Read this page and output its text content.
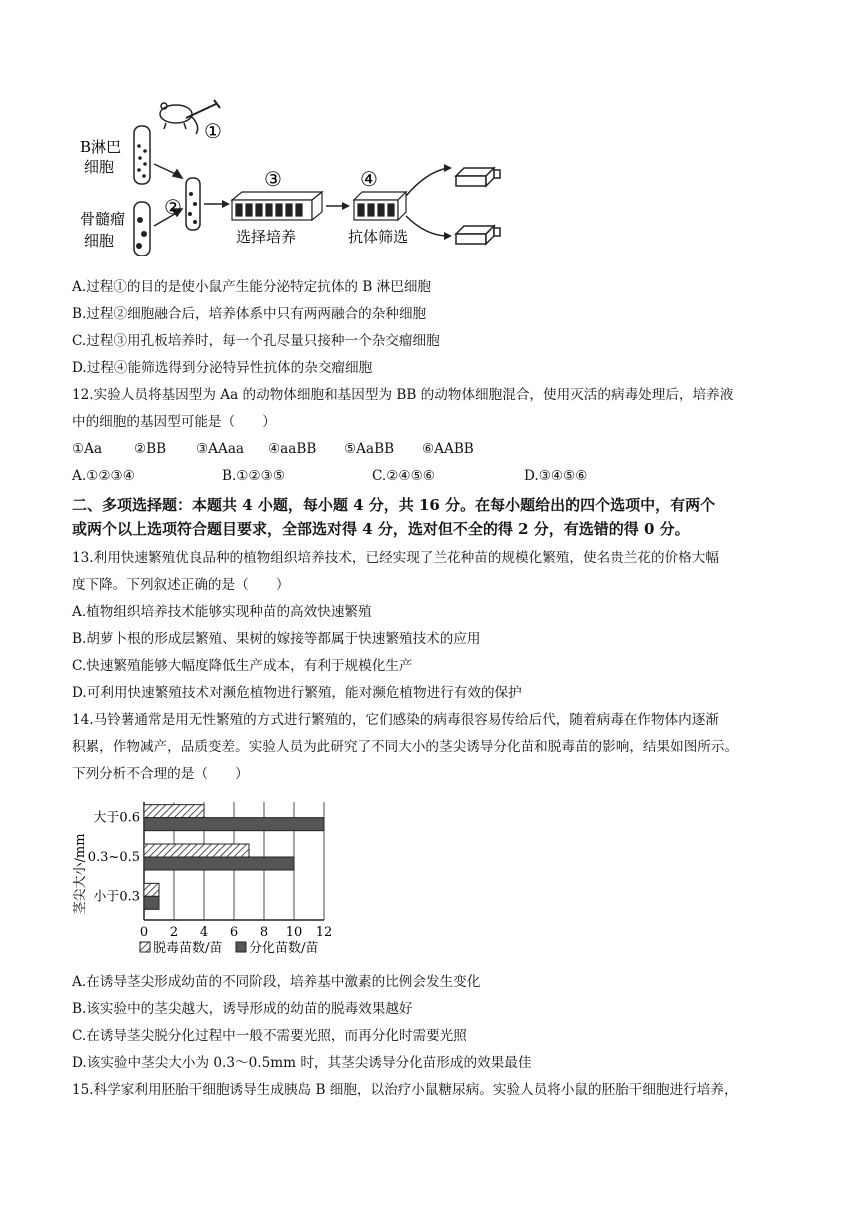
①
B淋巴
细胞
骨髓瘤
细胞
②
③
选择培养
④
抗体筛选
A.过程①的目的是使小鼠产生能分泌特定抗体的 B 淋巴细胞
B.过程②细胞融合后，培养体系中只有两两融合的杂种细胞
C.过程③用孔板培养时，每一个孔尽量只接种一个杂交瘤细胞
D.过程④能筛选得到分泌特异性抗体的杂交瘤细胞
12.实验人员将基因型为 Aa 的动物体细胞和基因型为 BB 的动物体细胞混合，使用灭活的病毒处理后，培养液
中的细胞的基因型可能是（　　）
①Aa ②BB ③AAaa ④aaBB ⑤AaBB ⑥AABB
A.①②③④	B.①②③⑤	C.②④⑤⑥	D.③④⑤⑥
二、多项选择题：本题共 4 小题，每小题 4 分，共 16 分。在每小题给出的四个选项中，有两个
或两个以上选项符合题目要求，全部选对得 4 分，选对但不全的得 2 分，有选错的得 0 分。
13.利用快速繁殖优良品种的植物组织培养技术，已经实现了兰花种苗的规模化繁殖，使名贵兰花的价格大幅
度下降。下列叙述正确的是（　　）
A.植物组织培养技术能够实现种苗的高效快速繁殖
B.胡萝卜根的形成层繁殖、果树的嫁接等都属于快速繁殖技术的应用
C.快速繁殖能够大幅度降低生产成本，有利于规模化生产
D.可利用快速繁殖技术对濒危植物进行繁殖，能对濒危植物进行有效的保护
14.马铃薯通常是用无性繁殖的方式进行繁殖的，它们感染的病毒很容易传给后代，随着病毒在作物体内逐渐
积累，作物减产，品质变差。实验人员为此研究了不同大小的茎尖诱导分化苗和脱毒苗的影响，结果如图所示。
下列分析不合理的是（　　）
0 2 4 6 8 10 12
大于0.6
0.3~0.5
小于0.3
脱毒苗数/苗 分化苗数/苗
茎尖大小/mm
A.在诱导茎尖形成幼苗的不同阶段，培养基中激素的比例会发生变化
B.该实验中的茎尖越大，诱导形成的幼苗的脱毒效果越好
C.在诱导茎尖脱分化过程中一般不需要光照，而再分化时需要光照
D.该实验中茎尖大小为 0.3～0.5mm 时，其茎尖诱导分化苗形成的效果最佳
15.科学家利用胚胎干细胞诱导生成胰岛 B 细胞，以治疗小鼠糖尿病。实验人员将小鼠的胚胎干细胞进行培养，
